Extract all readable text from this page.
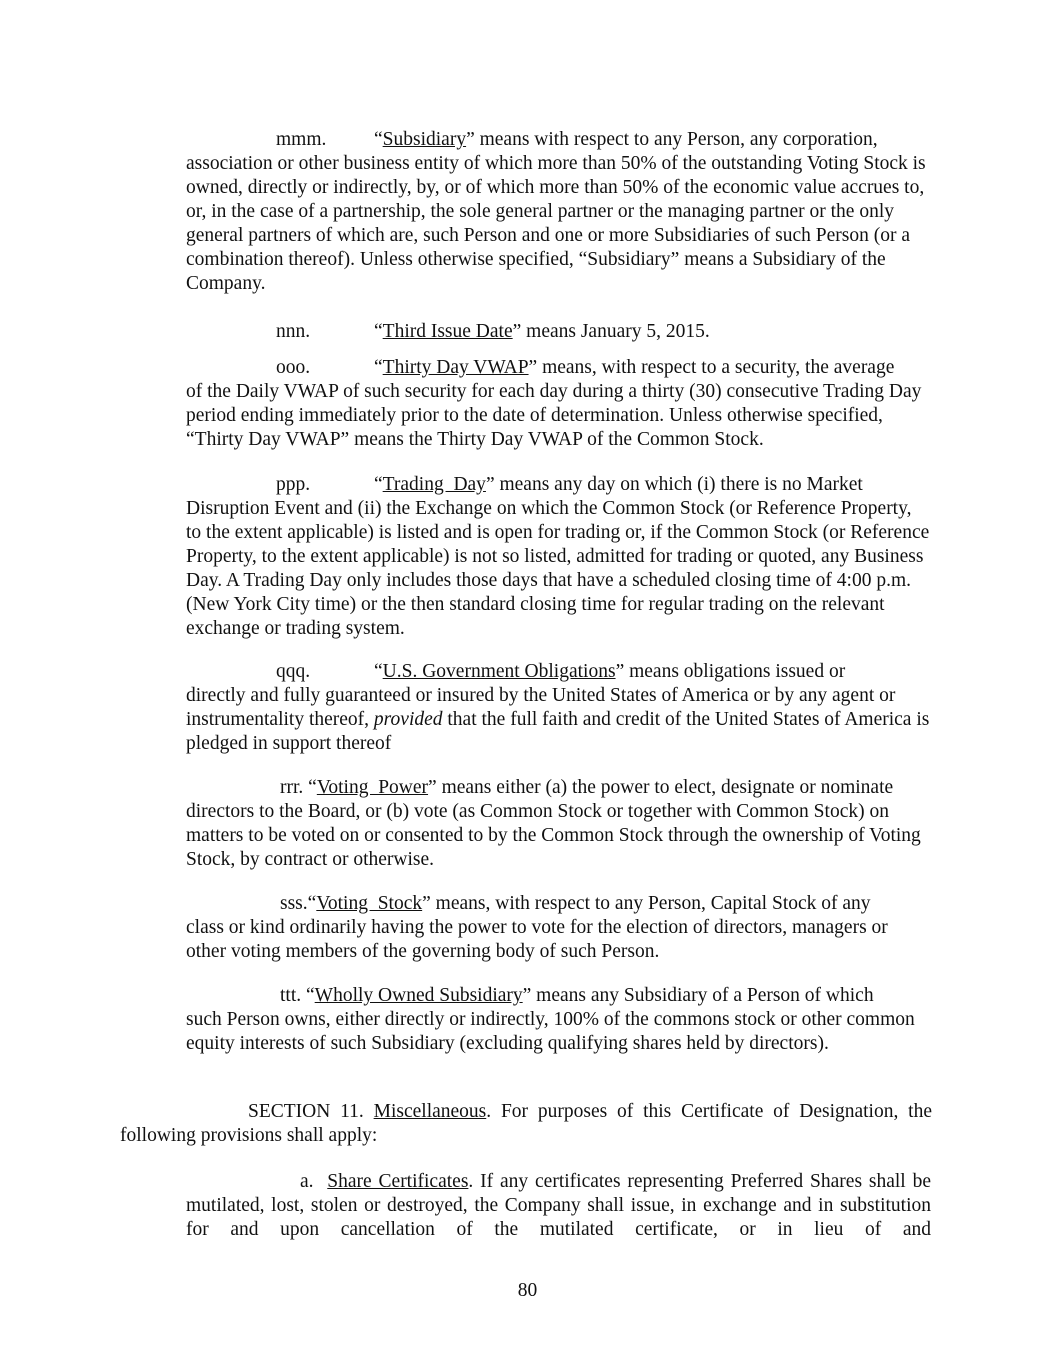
mmm. “Subsidiary” means with respect to any Person, any corporation,
association or other business entity of which more than 50% of the outstanding Voting Stock is owned, directly or indirectly, by, or of which more than 50% of the economic value accrues to, or, in the case of a partnership, the sole general partner or the managing partner or the only general partners of which are, such Person and one or more Subsidiaries of such Person (or a combination thereof). Unless otherwise specified, “Subsidiary” means a Subsidiary of the Company.
nnn.	“Third Issue Date” means January 5, 2015.
ooo.	“Thirty Day VWAP” means, with respect to a security, the average
of the Daily VWAP of such security for each day during a thirty (30) consecutive Trading Day period ending immediately prior to the date of determination. Unless otherwise specified, “Thirty Day VWAP” means the Thirty Day VWAP of the Common Stock.
ppp.	“Trading  Day” means any day on which (i) there is no Market
Disruption Event and (ii) the Exchange on which the Common Stock (or Reference Property, to the extent applicable) is listed and is open for trading or, if the Common Stock (or Reference Property, to the extent applicable) is not so listed, admitted for trading or quoted, any Business Day. A Trading Day only includes those days that have a scheduled closing time of 4:00 p.m. (New York City time) or the then standard closing time for regular trading on the relevant exchange or trading system.
qqq.	“U.S. Government Obligations” means obligations issued or
directly and fully guaranteed or insured by the United States of America or by any agent or instrumentality thereof, provided that the full faith and credit of the United States of America is pledged in support thereof
rrr. “Voting  Power” means either (a) the power to elect, designate or nominate
directors to the Board, or (b) vote (as Common Stock or together with Common Stock) on matters to be voted on or consented to by the Common Stock through the ownership of Voting Stock, by contract or otherwise.
sss.“Voting  Stock” means, with respect to any Person, Capital Stock of any
class or kind ordinarily having the power to vote for the election of directors, managers or other voting members of the governing body of such Person.
ttt. “Wholly Owned Subsidiary” means any Subsidiary of a Person of which
such Person owns, either directly or indirectly, 100% of the commons stock or other common equity interests of such Subsidiary (excluding qualifying shares held by directors).
SECTION 11. Miscellaneous. For purposes of this Certificate of Designation, the
following provisions shall apply:
a. Share Certificates. If any certificates representing Preferred Shares shall be
mutilated, lost, stolen or destroyed, the Company shall issue, in exchange and in substitution for and upon cancellation of the mutilated certificate, or in lieu of and
80
